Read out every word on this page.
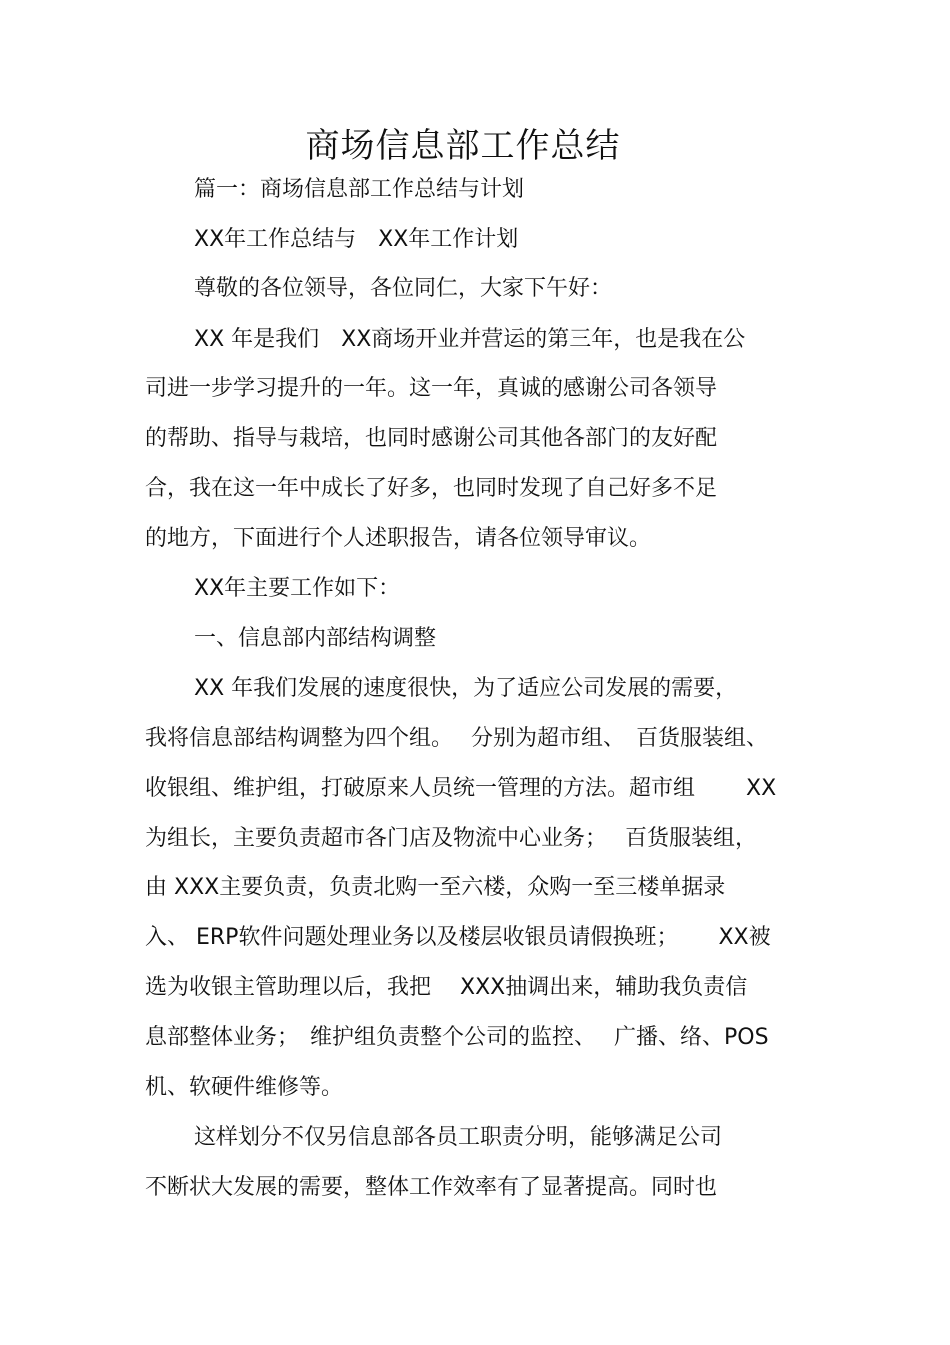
商场信息部工作总结
篇一：商场信息部工作总结与计划
XX年工作总结与　XX年工作计划
尊敬的各位领导，各位同仁，大家下午好：
XX 年是我们　XX商场开业并营运的第三年，也是我在公
司进一步学习提升的一年。这一年，真诚的感谢公司各领导
的帮助、指导与栽培，也同时感谢公司其他各部门的友好配
合，我在这一年中成长了好多，也同时发现了自己好多不足
的地方，下面进行个人述职报告，请各位领导审议。
XX年主要工作如下：
一、信息部内部结构调整
XX 年我们发展的速度很快，为了适应公司发展的需要，
我将信息部结构调整为四个组。　 分别为超市组、　百货服装组、
收银组、维护组，打破原来人员统一管理的方法。超市组　　 XX
为组长，主要负责超市各门店及物流中心业务；　 百货服装组，
由 XXX主要负责，负责北购一至六楼，众购一至三楼单据录
入、 ERP软件问题处理业务以及楼层收银员请假换班；　　 XX被
选为收银主管助理以后，我把　 XXX抽调出来，辅助我负责信
息部整体业务；　维护组负责整个公司的监控、　 广播、络、POS
机、软硬件维修等。
这样划分不仅另信息部各员工职责分明，能够满足公司
不断状大发展的需要，整体工作效率有了显著提高。同时也
